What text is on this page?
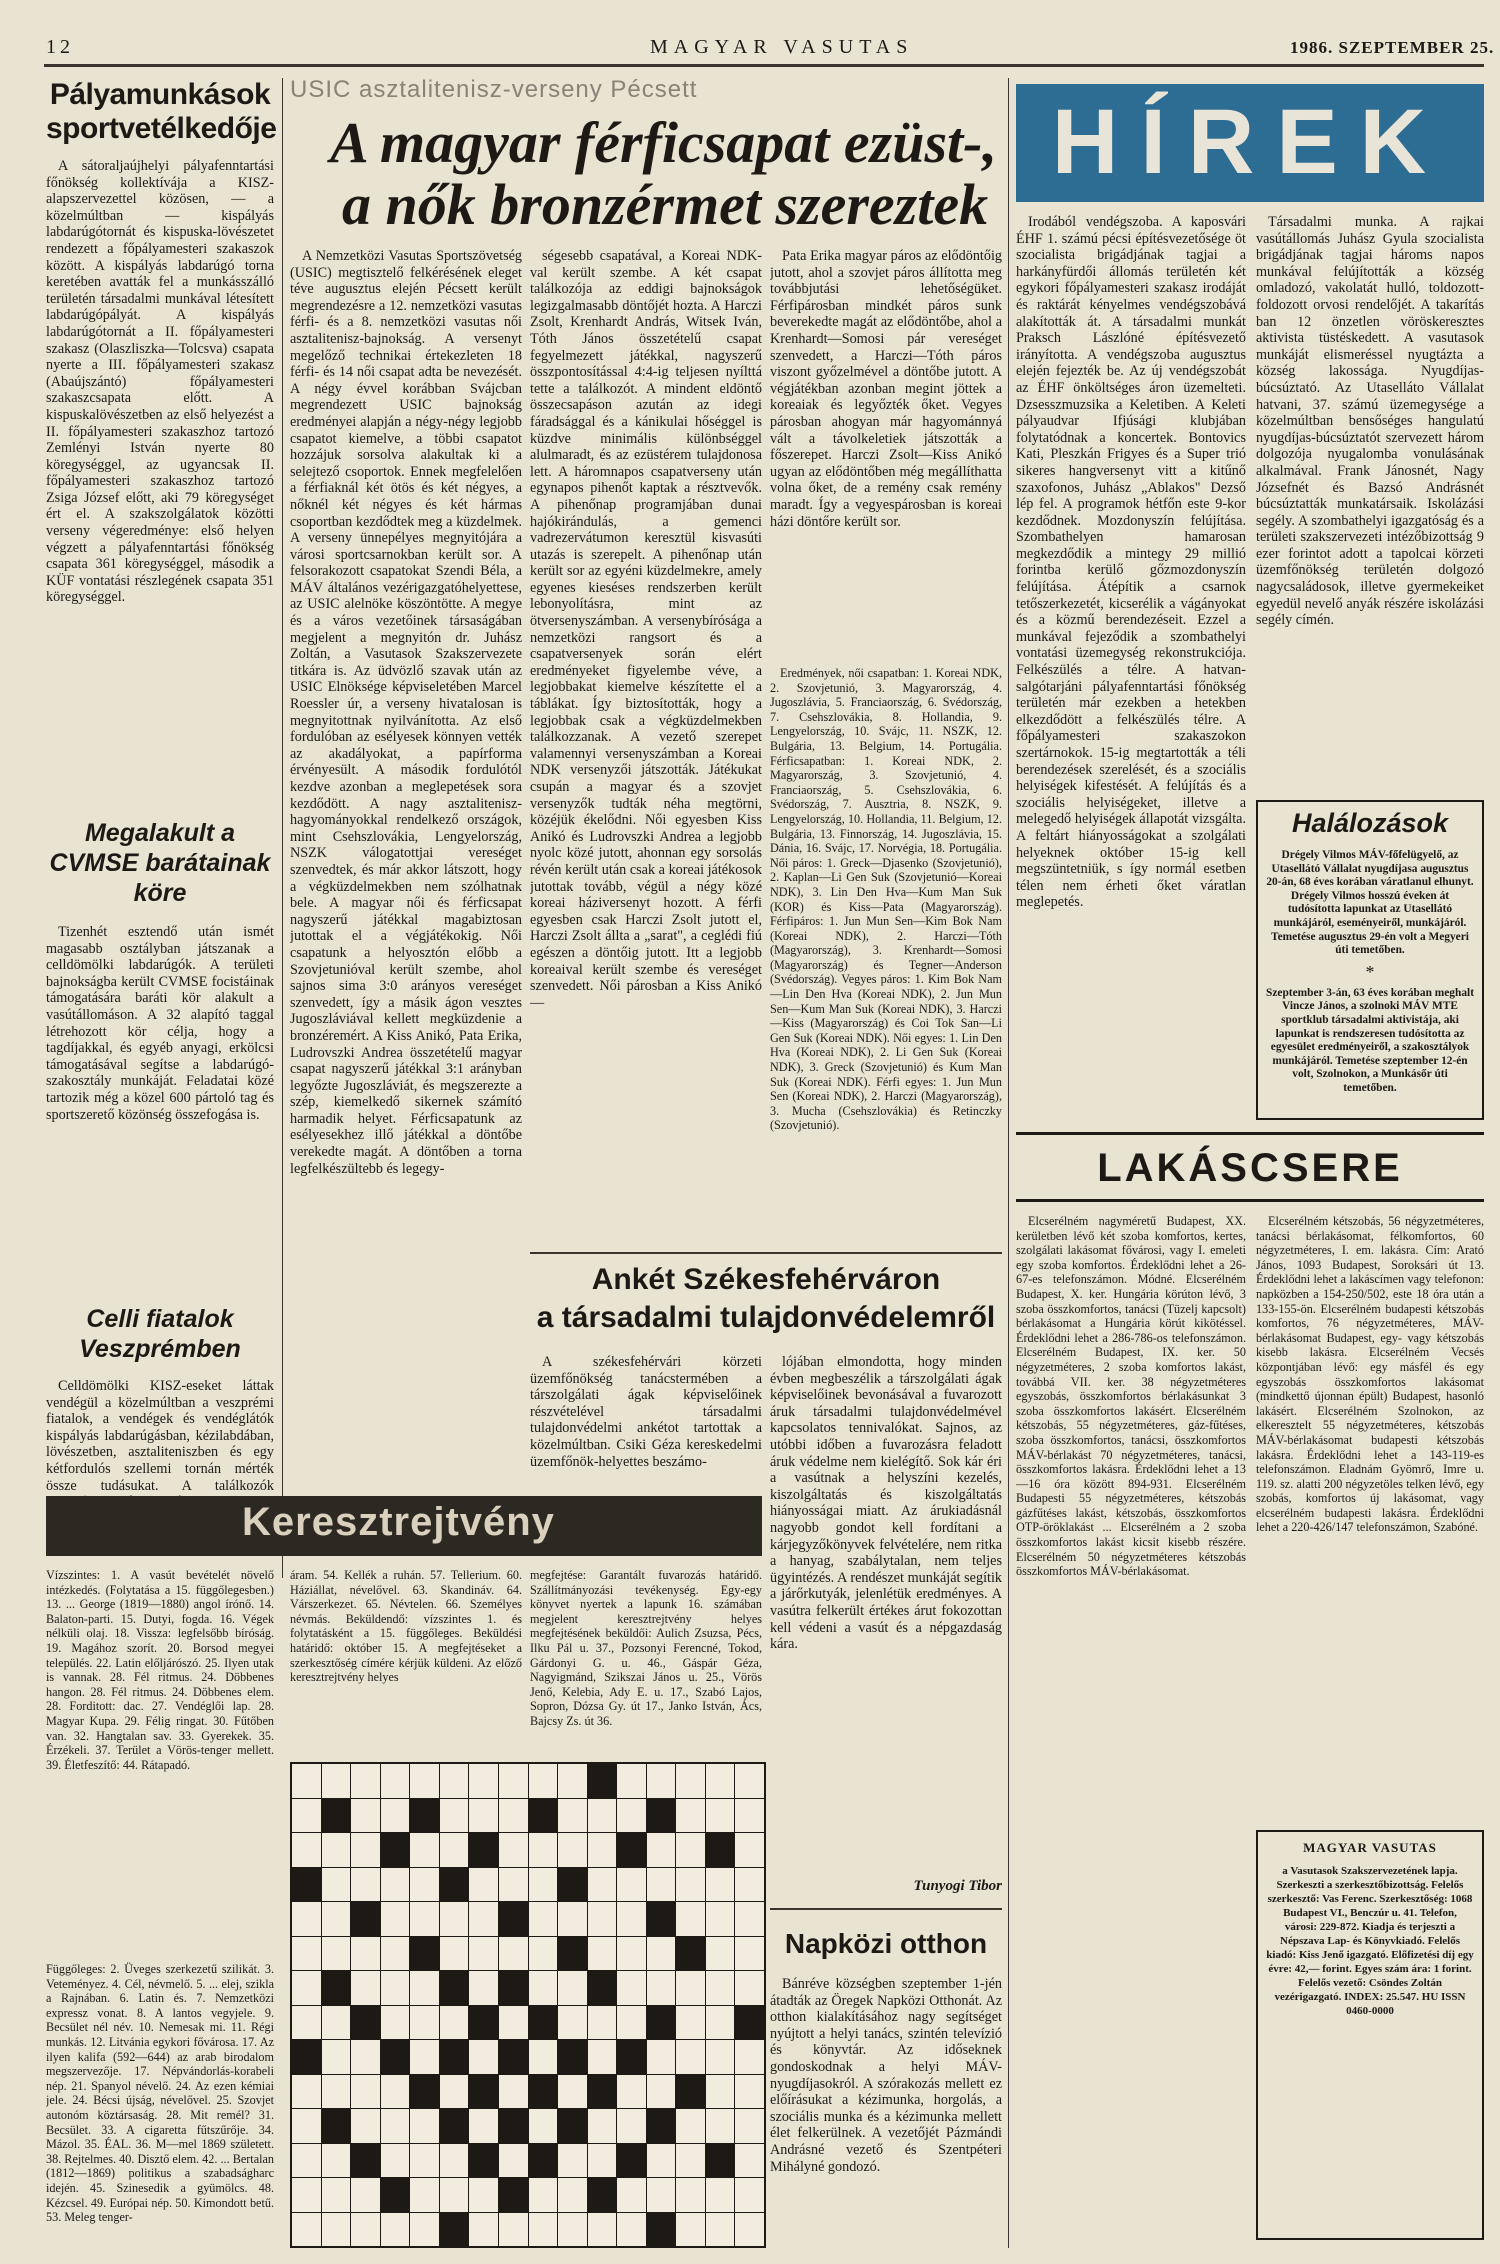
12	MAGYAR VASUTAS	1986. SZEPTEMBER 25.
Pályamunkások sportvetélkedője
A sátoraljaújhelyi pályafenntartási főnökség kollektívája a KISZ-alapszervezettel közösen, — a közelmúltban — kispályás labdarúgótornát és kispuska-lövészetet rendezett a főpályamesteri szakaszok között. A kispályás labdarúgó torna keretében avatták fel a munkásszálló területén társadalmi munkával létesített labdarúgópályát. A kispályás labdarúgótornát a II. főpályamesteri szakasz (Olaszliszka—Tolcsva) csapata nyerte a III. főpályamesteri szakasz (Abaújszántó) főpályamesteri szakaszcsapata előtt. A kispuskalövészetben az első helyezést a II. főpályamesteri szakaszhoz tartozó Zemlényi István nyerte 80 köregységgel, az ugyancsak II. főpályamesteri szakaszhoz tartozó Zsiga József előtt, aki 79 köregységet ért el. A szakszolgálatok közötti verseny végeredménye: első helyen végzett a pályafenntartási főnökség csapata 361 köregységgel, második a KÜF vontatási részlegének csapata 351 köregységgel.
Megalakult a CVMSE barátainak köre
Tizenhét esztendő után ismét magasabb osztályban játszanak a celldömölki labdarúgók. A területi bajnokságba került CVMSE focistáinak támogatására baráti kör alakult a vasútállomáson. A 32 alapító taggal létrehozott kör célja, hogy a tagdíjakkal, és egyéb anyagi, erkölcsi támogatásával segítse a labdarúgó-szakosztály munkáját. Feladatai közé tartozik még a közel 600 pártoló tag és sportszerető közönség összefogása is.
Celli fiatalok Veszprémben
Celldömölki KISZ-eseket láttak vendégül a közelmúltban a veszprémi fiatalok, a vendégek és vendéglátók kispályás labdarúgásban, kézilabdában, lövészetben, asztaliteniszben és egy kétfordulós szellemi tornán mérték össze tudásukat. A találkozók
USIC asztalitenisz-verseny Pécsett
A magyar férficsapat ezüst-,
a nők bronzérmet szereztek
A Nemzetközi Vasutas Sportszövetség (USIC) megtisztelő felkérésének eleget téve augusztus elején Pécsett került megrendezésre a 12. nemzetközi vasutas férfi- és a 8. nemzetközi vasutas női asztalitenisz-bajnokság. A versenyt megelőző technikai értekezleten 18 férfi- és 14 női csapat adta be nevezését. A négy évvel korábban Svájcban megrendezett USIC bajnokság eredményei alapján a négy-négy legjobb csapatot kiemelve, a többi csapatot hozzájuk sorsolva alakultak ki a selejtező csoportok. Ennek megfelelően a férfiaknál két ötös és két négyes, a nőknél két négyes és két hármas csoportban kezdődtek meg a küzdelmek. A verseny ünnepélyes megnyitójára a városi sportcsarnokban került sor. A felsorakozott csapatokat Szendi Béla, a MÁV általános vezérigazgatóhelyettese, az USIC alelnöke köszöntötte. A megye és a város vezetőinek társaságában megjelent a megnyitón dr. Juhász Zoltán, a Vasutasok Szakszervezete titkára is. Az üdvözlő szavak után az USIC Elnöksége képviseletében Marcel Roessler úr, a verseny hivatalosan is megnyitottnak nyilvánította. Az első fordulóban az esélyesek könnyen vették az akadályokat, a papírforma érvényesült. A második fordulótól kezdve azonban a meglepetések sora kezdődött. A nagy asztalitenisz-hagyományokkal rendelkező országok, mint Csehszlovákia, Lengyelország, NSZK válogatottjai vereséget szenvedtek, és már akkor látszott, hogy a végküzdelmekben nem szólhatnak bele. A magyar női és férficsapat nagyszerű játékkal magabiztosan jutottak el a végjátékokig. Női csapatunk a helyosztón előbb a Szovjetunióval került szembe, ahol sajnos sima 3:0 arányos vereséget szenvedett, így a másik ágon vesztes Jugoszláviával kellett megküzdenie a bronzéremért. A Kiss Anikó, Pata Erika, Ludrovszki Andrea összetételű magyar csapat nagyszerű játékkal 3:1 arányban legyőzte Jugoszláviát, és megszerezte a szép, kiemelkedő sikernek számító harmadik helyet. Férficsapatunk az esélyesekhez illő játékkal a döntőbe verekedte magát. A döntőben a torna legfelkészültebb és legegy-
ségesebb csapatával, a Koreai NDK-val került szembe. A két csapat találkozója az eddigi bajnokságok legizgalmasabb döntőjét hozta. A Harczi Zsolt, Krenhardt András, Witsek Iván, Tóth János összetételű csapat fegyelmezett játékkal, nagyszerű összpontosítással 4:4-ig teljesen nyílttá tette a találkozót. A mindent eldöntő összecsapáson azután az idegi fáradsággal és a kánikulai hőséggel is küzdve minimális különbséggel alulmaradt, és az ezüstérem tulajdonosa lett. A háromnapos csapatverseny után egynapos pihenőt kaptak a résztvevők. A pihenőnap programjában dunai hajókirándulás, a gemenci vadrezervátumon keresztül kisvasúti utazás is szerepelt. A pihenőnap után került sor az egyéni küzdelmekre, amely egyenes kieséses rendszerben került lebonyolításra, mint az ötversenyszámban. A versenybírósága a nemzetközi rangsort és a csapatversenyek során elért eredményeket figyelembe véve, a legjobbakat kiemelve készítette el a táblákat. Így biztosították, hogy a legjobbak csak a végküzdelmekben találkozzanak. A vezető szerepet valamennyi versenyszámban a Koreai NDK versenyzői játszották. Játékukat csupán a magyar és a szovjet versenyzők tudták néha megtörni, közéjük ékelődni. Női egyesben Kiss Anikó és Ludrovszki Andrea a legjobb nyolc közé jutott, ahonnan egy sorsolás révén került után csak a koreai játékosok jutottak tovább, végül a négy közé koreai háziversenyt hozott. A férfi egyesben csak Harczi Zsolt jutott el, Harczi Zsolt állta a „sarat", a ceglédi fiú egészen a döntőig jutott. Itt a legjobb koreaival került szembe és vereséget szenvedett. Női párosban a Kiss Anikó—
Pata Erika magyar páros az elődöntőig jutott, ahol a szovjet páros állította meg továbbjutási lehetőségüket. Férfipárosban mindkét páros sunk beverekedte magát az elődöntőbe, ahol a Krenhardt—Somosi pár vereséget szenvedett, a Harczi—Tóth páros viszont győzelmével a döntőbe jutott. A végjátékban azonban megint jöttek a koreaiak és legyőzték őket. Vegyes párosban ahogyan már hagyománnyá vált a távolkeletiek játszották a főszerepet. Harczi Zsolt—Kiss Anikó ugyan az elődöntőben még megállíthatta volna őket, de a remény csak remény maradt. Így a vegyespárosban is koreai házi döntőre került sor.
Eredmények, női csapatban: 1. Koreai NDK, 2. Szovjetunió, 3. Magyarország, 4. Jugoszlávia, 5. Franciaország, 6. Svédország, 7. Csehszlovákia, 8. Hollandia, 9. Lengyelország, 10. Svájc, 11. NSZK, 12. Bulgária, 13. Belgium, 14. Portugália. Férficsapatban: 1. Koreai NDK, 2. Magyarország, 3. Szovjetunió, 4. Franciaország, 5. Csehszlovákia, 6. Svédország, 7. Ausztria, 8. NSZK, 9. Lengyelország, 10. Hollandia, 11. Belgium, 12. Bulgária, 13. Finnország, 14. Jugoszlávia, 15. Dánia, 16. Svájc, 17. Norvégia, 18. Portugália. Női páros: 1. Greck—Djasenko (Szovjetunió), 2. Kaplan—Li Gen Suk (Szovjetunió—Koreai NDK), 3. Lin Den Hva—Kum Man Suk (KOR) és Kiss—Pata (Magyarország). Férfipáros: 1. Jun Mun Sen—Kim Bok Nam (Koreai NDK), 2. Harczi—Tóth (Magyarország), 3. Krenhardt—Somosi (Magyarország) és Tegner—Anderson (Svédország). Vegyes páros: 1. Kim Bok Nam—Lin Den Hva (Koreai NDK), 2. Jun Mun Sen—Kum Man Suk (Koreai NDK), 3. Harczi—Kiss (Magyarország) és Coi Tok San—Li Gen Suk (Koreai NDK). Női egyes: 1. Lin Den Hva (Koreai NDK), 2. Li Gen Suk (Koreai NDK), 3. Greck (Szovjetunió) és Kum Man Suk (Koreai NDK). Férfi egyes: 1. Jun Mun Sen (Koreai NDK), 2. Harczi (Magyarország), 3. Mucha (Csehszlovákia) és Retinczky (Szovjetunió).
Ankét Székesfehérváron
a társadalmi tulajdonvédelemről
A székesfehérvári körzeti üzemfőnökség tanácstermében a társzolgálati ágak képviselőinek részvételével társadalmi tulajdonvédelmi ankétot tartottak a közelmúltban. Csiki Géza kereskedelmi üzemfőnök-helyettes beszámo-
lójában elmondotta, hogy minden évben megbeszélik a társzolgálati ágak képviselőinek bevonásával a fuvarozott áruk társadalmi tulajdonvédelmével kapcsolatos tennivalókat. Sajnos, az utóbbi időben a fuvarozásra feladott áruk védelme nem kielégítő. Sok kár éri a vasútnak a helyszíni kezelés, kiszolgáltatás és kiszolgáltatás hiányosságai miatt. Az árukiadásnál nagyobb gondot kell fordítani a kárjegyzőkönyvek felvételére, nem ritka a hanyag, szabálytalan, nem teljes ügyintézés. A rendészet munkáját segítik a járőrkutyák, jelenlétük eredményes. A vasútra felkerült értékes árut fokozottan kell védeni a vasút és a népgazdaság kára.
Tunyogi Tibor
Napközi otthon
Bánréve községben szeptember 1-jén átadták az Öregek Napközi Otthonát. Az otthon kialakításához nagy segítséget nyújtott a helyi tanács, szintén televízió és könyvtár. Az időseknek gondoskodnak a helyi MÁV-nyugdíjasokról. A szórakozás mellett ez előírásukat a kézimunka, horgolás, a szociális munka és a kézimunka mellett élet felkerülnek. A vezetőjét Pázmándi Andrásné vezető és Szentpéteri Mihályné gondozó.
Keresztrejtvény
Vízszintes: 1. A vasút bevételét növelő intézkedés. (Folytatása a 15. függőlegesben.) 13. ... George (1819—1880) angol írónő. 14. Balaton-parti. 15. Dutyi, fogda. 16. Végek nélküli olaj. 18. Vissza: legfelsőbb bíróság. 19. Magához szorít. 20. Borsod megyei település. 22. Latin előljárószó. 25. Ilyen utak is vannak. 28. Fél ritmus. 24. Döbbenes hangon. 28. Fél ritmus. 24. Döbbenes elem. 28. Forditott: dac. 27. Vendéglői lap. 28. Magyar Kupa. 29. Félig ringat. 30. Fűtőben van. 32. Hangtalan sav. 33. Gyerekek. 35. Érzékeli. 37. Terület a Vörös-tenger mellett. 39. Életfeszítő: 44. Rátapadó.
Függőleges: 2. Üveges szerkezetű szilikát. 3. Veteményez. 4. Cél, névmelő. 5. ... elej, szikla a Rajnában. 6. Latin és. 7. Nemzetközi expressz vonat. 8. A lantos vegyjele. 9. Becsület nél név. 10. Nemesak mi. 11. Régi munkás. 12. Litvánia egykori fővárosa. 17. Az ilyen kalifa (592—644) az arab birodalom megszervezője. 17. Népvándorlás-korabeli nép. 21. Spanyol névelő. 24. Az ezen kémiai jele. 24. Bécsi újság, névelővel. 25. Szovjet autonóm köztársaság. 28. Mit remél? 31. Becsület. 33. A cigaretta fűtszűrője. 34. Mázol. 35. ÉAL. 36. M—mel 1869 született. 38. Rejtelmes. 40. Disztő elem. 42. ... Bertalan (1812—1869) politikus a szabadságharc idején. 45. Szinesedik a gyümölcs. 48. Kézcsel. 49. Európai nép. 50. Kimondott betű. 53. Meleg tenger-
áram. 54. Kellék a ruhán. 57. Tellerium. 60. Háziállat, névelővel. 63. Skandináv. 64. Várszerkezet. 65. Névtelen. 66. Személyes névmás. Beküldendő: vízszintes 1. és folytatásként a 15. függőleges. Beküldési határidő: október 15. A megfejtéseket a szerkesztőség címére kérjük küldeni. Az előző keresztrejtvény helyes
megfejtése: Garantált fuvarozás határidő. Szállítmányozási tevékenység. Egy-egy könyvet nyertek a lapunk 16. számában megjelent keresztrejtvény helyes megfejtésének beküldői: Aulich Zsuzsa, Pécs, Ilku Pál u. 37., Pozsonyi Ferencné, Tokod, Gárdonyi G. u. 46., Gáspár Géza, Nagyigmánd, Szikszai János u. 25., Vörös Jenő, Kelebia, Ady E. u. 17., Szabó Lajos, Sopron, Dózsa Gy. út 17., Janko István, Ács, Bajcsy Zs. út 36.
HÍREK
Irodából vendégszoba. A kaposvári ÉHF 1. számú pécsi építésvezetősége öt szocialista brigádjának tagjai a harkányfürdői állomás területén két egykori főpályamesteri szakasz irodáját és raktárát kényelmes vendégszobává alakították át. A társadalmi munkát Praksch Lászlóné építésvezető irányította. A vendégszoba augusztus elején fejezték be. Az új vendégszobát az ÉHF önköltséges áron üzemelteti. Dzsesszmuzsika a Keletiben. A Keleti pályaudvar Ifjúsági klubjában folytatódnak a koncertek. Bontovics Kati, Pleszkán Frigyes és a Super trió sikeres hangversenyt vitt a kitűnő szaxofonos, Juhász „Ablakos" Dezső lép fel. A programok hétfőn este 9-kor kezdődnek. Mozdonyszín felújítása. Szombathelyen hamarosan megkezdődik a mintegy 29 millió forintba kerülő gőzmozdonyszín felújítása. Átépítik a csarnok tetőszerkezetét, kicserélik a vágányokat és a közmű berendezéseit. Ezzel a munkával fejeződik a szombathelyi vontatási üzemegység rekonstrukciója. Felkészülés a télre. A hatvan-salgótarjáni pályafenntartási főnökség területén már ezekben a hetekben elkezdődött a felkészülés télre. A főpályamesteri szakaszokon szertárnokok. 15-ig megtartották a téli berendezések szerelését, és a szociális helyiségek kifestését. A felújítás és a szociális helyiségeket, illetve a melegedő helyiségek állapotát vizsgálta. A feltárt hiányosságokat a szolgálati helyeknek október 15-ig kell megszüntetniük, s így normál esetben télen nem érheti őket váratlan meglepetés.
Társadalmi munka. A rajkai vasútállomás Juhász Gyula szocialista brigádjának tagjai hároms napos munkával felújították a község omladozó, vakolatát hulló, toldozott-foldozott orvosi rendelőjét. A takarítás ban 12 önzetlen vöröskeresztes aktivista tüstéskedett. A vasutasok munkáját elismeréssel nyugtázta a község lakossága. Nyugdíjas-búcsúztató. Az Utaselláto Vállalat hatvani, 37. számú üzemegysége a közelmúltban bensőséges hangulatú nyugdíjas-búcsúztatót szervezett három dolgozója nyugalomba vonulásának alkalmával. Frank Jánosnét, Nagy Józsefnét és Bazsó Andrásnét búcsúztatták munkatársaik. Iskolázási segély. A szombathelyi igazgatóság és a területi szakszervezeti intézőbizottság 9 ezer forintot adott a tapolcai körzeti üzemfőnökség területén dolgozó nagycsaládosok, illetve gyermekeiket egyedül nevelő anyák részére iskolázási segély címén.
Halálozások
Drégely Vilmos MÁV-főfelügyelő, az Utasellátó Vállalat nyugdíjasa augusztus 20-án, 68 éves korában váratlanul elhunyt. Drégely Vilmos hosszú éveken át tudósította lapunkat az Utasellátó munkájáról, eseményeiről, munkájáról. Temetése augusztus 29-én volt a Megyeri úti temetőben.
*
Szeptember 3-án, 63 éves korában meghalt Vincze János, a szolnoki MÁV MTE sportklub társadalmi aktivistája, aki lapunkat is rendszeresen tudósította az egyesület eredményeiről, a szakosztályok munkájáról. Temetése szeptember 12-én volt, Szolnokon, a Munkásőr úti temetőben.
LAKÁSCSERE
Elcserélném nagyméretű Budapest, XX. kerületben lévő két szoba komfortos, kertes, szolgálati lakásomat fővárosi, vagy I. emeleti egy szoba komfortos. Érdeklődni lehet a 26-67-es telefonszámon. Módné. Elcserélném Budapest, X. ker. Hungária körúton lévő, 3 szoba összkomfortos, tanácsi (Tüzelj kapcsolt) bérlakásomat a Hungária körút kikötéssel. Érdeklődni lehet a 286-786-os telefonszámon. Elcserélném Budapest, IX. ker. 50 négyzetméteres, 2 szoba komfortos lakást, továbbá VII. ker. 38 négyzetméteres egyszobás, összkomfortos bérlakásunkat 3 szoba összkomfortos lakásért. Elcserélném kétszobás, 55 négyzetméteres, gáz-fűtéses, szoba összkomfortos, tanácsi, összkomfortos MÁV-bérlakást 70 négyzetméteres, tanácsi, összkomfortos lakásra. Érdeklődni lehet a 13—16 óra között 894-931. Elcserélném Budapesti 55 négyzetméteres, kétszobás gázfűtéses lakást, kétszobás, összkomfortos OTP-öröklakást ... Elcserélném a 2 szoba összkomfortos lakást kicsit kisebb részére. Elcserélném 50 négyzetméteres kétszobás összkomfortos MÁV-bérlakásomat.
Elcserélném kétszobás, 56 négyzetméteres, tanácsi bérlakásomat, félkomfortos, 60 négyzetméteres, I. em. lakásra. Cím: Arató János, 1093 Budapest, Soroksári út 13. Érdeklődni lehet a lakáscímen vagy telefonon: napközben a 154-250/502, este 18 óra után a 133-155-ön. Elcserélném budapesti kétszobás komfortos, 76 négyzetméteres, MÁV-bérlakásomat Budapest, egy- vagy kétszobás kisebb lakásra. Elcserélném Vecsés központjában lévő: egy másfél és egy egyszobás összkomfortos lakásomat (mindkettő újonnan épült) Budapest, hasonló lakásért. Elcserélném Szolnokon, az elkeresztelt 55 négyzetméteres, kétszobás MÁV-bérlakásomat budapesti kétszobás lakásra. Érdeklődni lehet a 143-119-es telefonszámon. Eladnám Gyömrő, Imre u. 119. sz. alatti 200 négyzetöles telken lévő, egy szobás, komfortos új lakásomat, vagy elcserélném budapesti lakásra. Érdeklődni lehet a 220-426/147 telefonszámon, Szabóné.
MAGYAR VASUTAS
a Vasutasok Szakszervezetének lapja. Szerkeszti a szerkesztőbizottság. Felelős szerkesztő: Vas Ferenc. Szerkesztőség: 1068 Budapest VI., Benczúr u. 41. Telefon, városi: 229-872. Kiadja és terjeszti a Népszava Lap- és Könyvkiadó. Felelős kiadó: Kiss Jenő igazgató. Előfizetési díj egy évre: 42,— forint. Egyes szám ára: 1 forint. Felelős vezető: Csöndes Zoltán vezérigazgató. INDEX: 25.547. HU ISSN 0460-0000
